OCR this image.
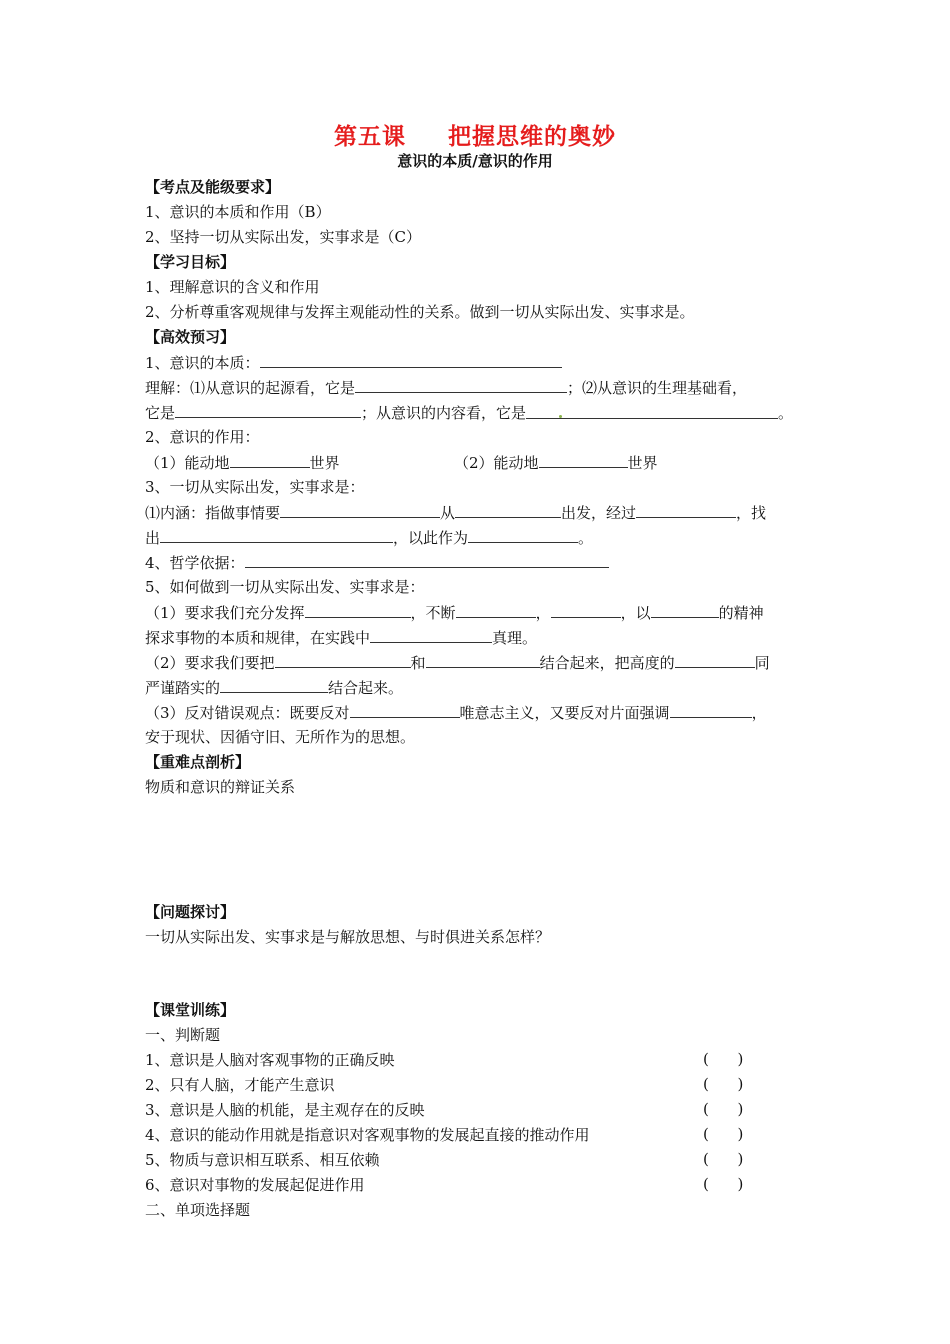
第五课 把握思维的奥妙
意识的本质/意识的作用
【考点及能级要求】
1、意识的本质和作用（B）
2、坚持一切从实际出发，实事求是（C）
【学习目标】
1、理解意识的含义和作用
2、分析尊重客观规律与发挥主观能动性的关系。做到一切从实际出发、实事求是。
【高效预习】
1、意识的本质：
理解：⑴从意识的起源看，它是	；⑵从意识的生理基础看，
它是	；从意识的内容看，它是	。
2、意识的作用：
（1）能动地	世界	（2）能动地	世界
3、一切从实际出发，实事求是：
⑴内涵：指做事情要	从	出发，经过	，找
出	，以此作为	。
4、哲学依据：
5、如何做到一切从实际出发、实事求是：
（1）要求我们充分发挥	，不断	，	，以	的精神
探求事物的本质和规律，在实践中	真理。
（2）要求我们要把	和	结合起来，把高度的	同
严谨踏实的	结合起来。
（3）反对错误观点：既要反对	唯意志主义，又要反对片面强调	，
安于现状、因循守旧、无所作为的思想。
【重难点剖析】
物质和意识的辩证关系
【问题探讨】
一切从实际出发、实事求是与解放思想、与时俱进关系怎样？
【课堂训练】
一、判断题
1、意识是人脑对客观事物的正确反映	(      )
2、只有人脑，才能产生意识	(      )
3、意识是人脑的机能，是主观存在的反映	(      )
4、意识的能动作用就是指意识对客观事物的发展起直接的推动作用	(      )
5、物质与意识相互联系、相互依赖	(      )
6、意识对事物的发展起促进作用	(      )
二、单项选择题
